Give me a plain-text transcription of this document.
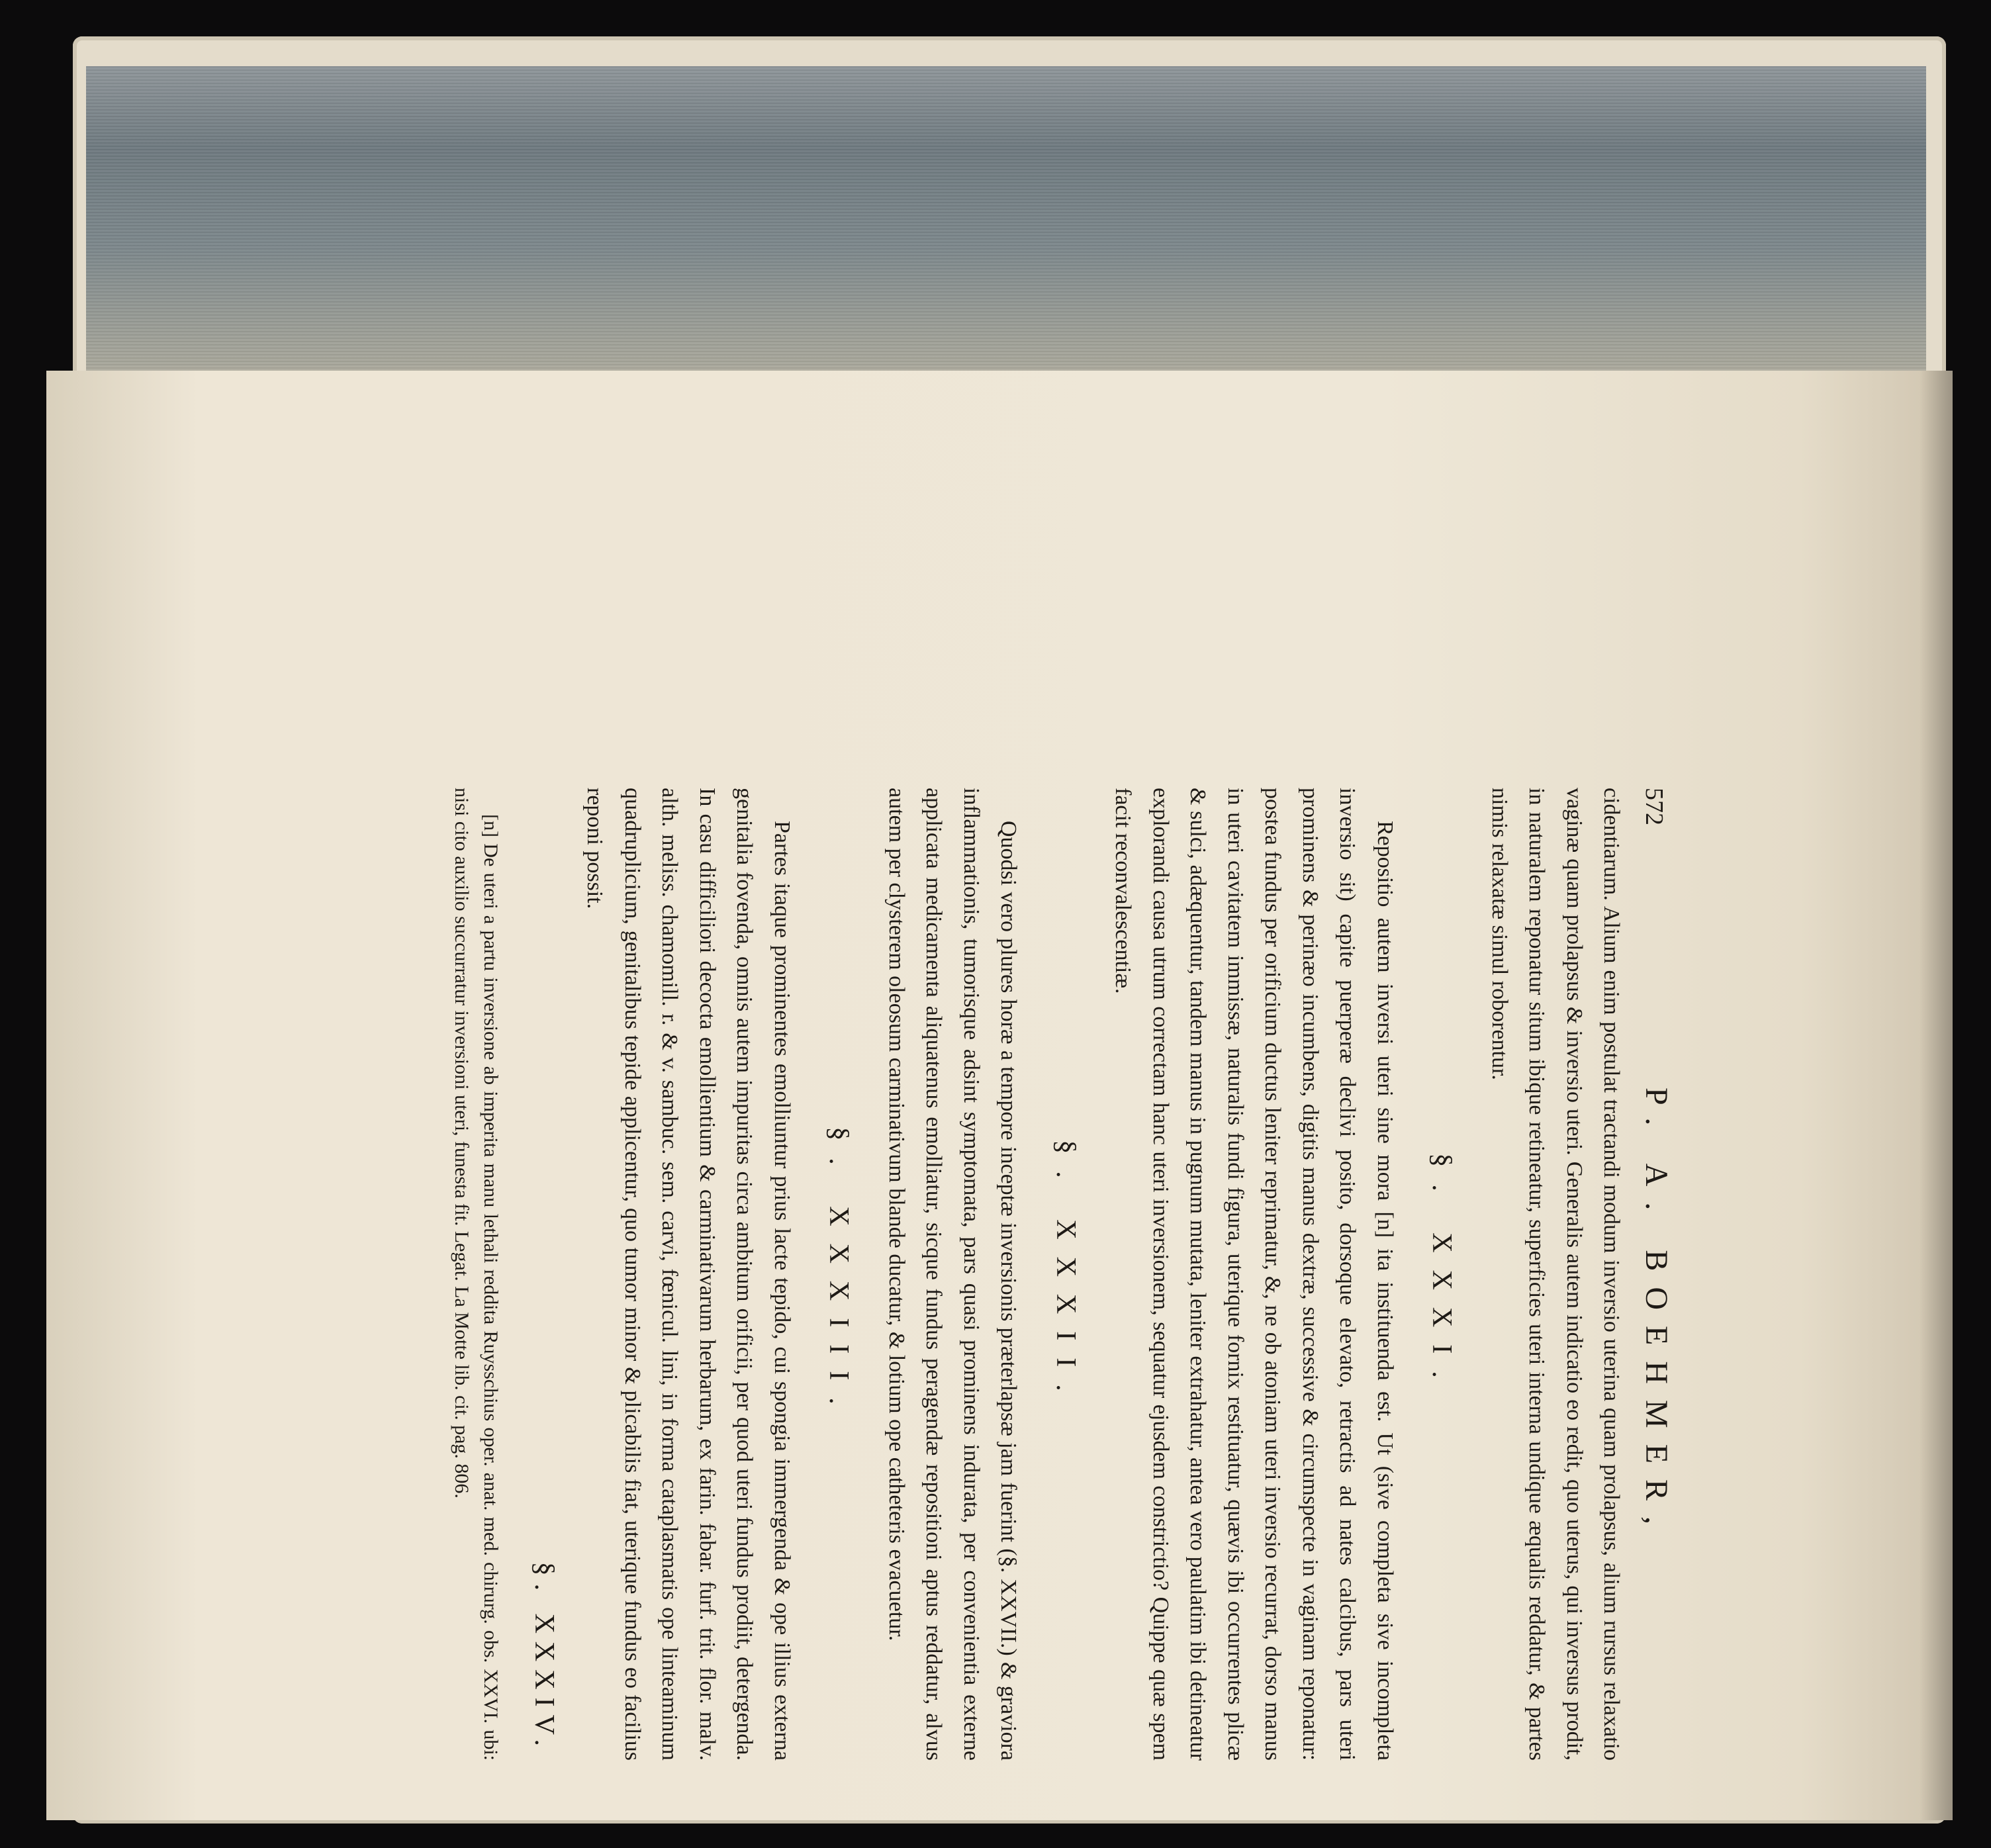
572
P. A. BOEHMER,

cidentiarum. Alium enim postulat tractandi modum inversio uterina quam prolapsus, alium rursus relaxatio vaginæ quam prolapsus & inversio uteri. Generalis autem indicatio eo redit, quo uterus, qui inversus prodit, in naturalem reponatur situm ibique retineatur, superficies uteri interna undique æqualis reddatur, & partes nimis relaxatæ simul roborentur.

§. XXXI.

Repositio autem inversi uteri sine mora [n] ita instituenda est. Ut (sive completa sive incompleta inversio sit) capite puerperæ declivi posito, dorsoque elevato, retractis ad nates calcibus, pars uteri prominens & perinæo incumbens, digitis manus dextræ, successive & circumspecte in vaginam reponatur: postea fundus per orificium ductus leniter reprimatur, &, ne ob atoniam uteri inversio recurrat, dorso manus in uteri cavitatem immissæ, naturalis fundi figura, uterique fornix restituatur, quævis ibi occurrentes plicæ & sulci, adæquentur, tandem manus in pugnum mutata, leniter extrahatur, antea vero paulatim ibi detineatur explorandi causa utrum correctam hanc uteri inversionem, sequatur ejusdem constrictio? Quippe quæ spem facit reconvalescentiæ.

§. XXXII.

Quodsi vero plures horæ a tempore inceptæ inversionis præterlapsæ jam fuerint (§. XXVII.) & graviora inflammationis, tumorisque adsint symptomata, pars quasi prominens indurata, per convenientia externe applicata medicamenta aliquatenus emolliatur, sicque fundus peragendæ repositioni aptus reddatur, alvus autem per clysterem oleosum carminativum blande ducatur, & lotium ope catheteris evacuetur.

§. XXXIII.

Partes itaque prominentes emolliuntur prius lacte tepido, cui spongia immergenda & ope illius externa genitalia fovenda, omnis autem impuritas circa ambitum orificii, per quod uteri fundus prodiit, detergenda. In casu difficiliori decocta emollientium & carminativarum herbarum, ex farin. fabar. furf. trit. flor. malv. alth. meliss. chamomill. r. & v. sambuc. sem. carvi, fœnicul. lini, in forma cataplasmatis ope linteaminum quadruplicium, genitalibus tepide applicentur, quo tumor minor & plicabilis fiat, uterique fundus eo facilius reponi possit.

§. XXXIV.

[n] De uteri a partu inversione ab imperita manu lethali reddita Ruysschius oper. anat. med. chirurg. obs. XXVI. ubi: nisi cito auxilio succurratur inversioni uteri, funesta fit. Legat. La Motte lib. cit. pag. 806.
